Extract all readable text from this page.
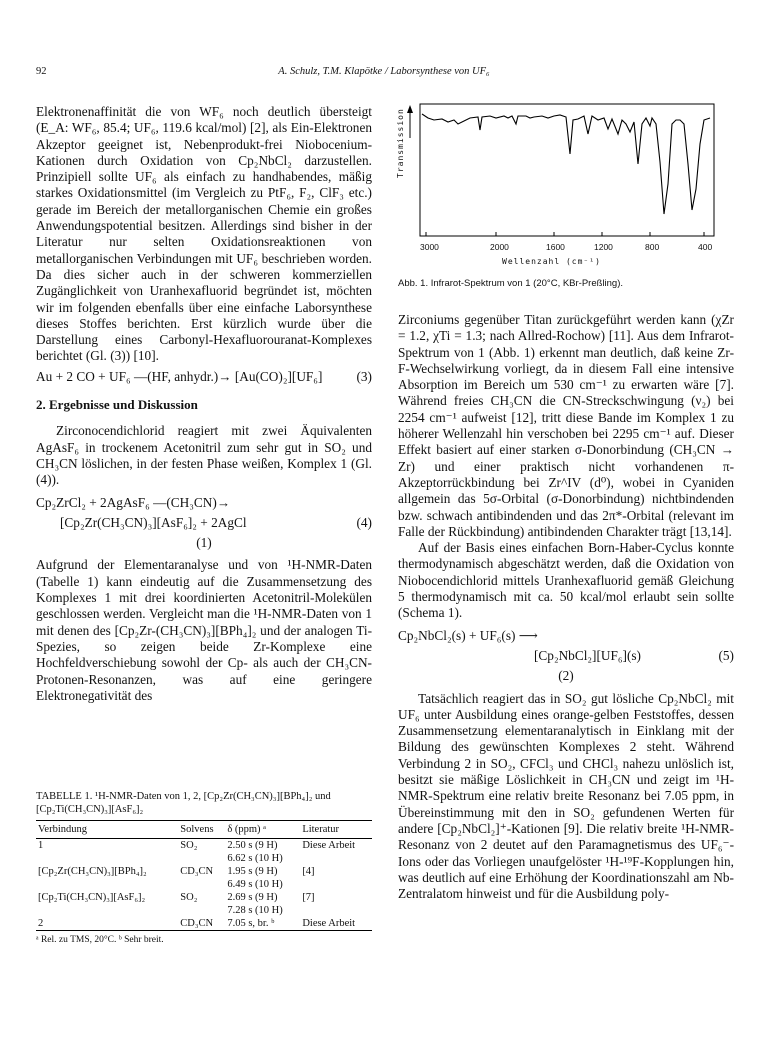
92	A. Schulz, T.M. Klapötke / Laborsynthese von UF₆

Elektronenaffinität die von WF₆ noch deutlich übersteigt (E_A: WF₆, 85.4; UF₆, 119.6 kcal/mol) [2], als Ein-Elektronen Akzeptor geeignet ist, Nebenprodukt-frei Niobocenium-Kationen durch Oxidation von Cp₂NbCl₂ darzustellen. Prinzipiell sollte UF₆ als einfach zu handhabendes, mäßig starkes Oxidationsmittel (im Vergleich zu PtF₆, F₂, ClF₃ etc.) gerade im Bereich der metallorganischen Chemie ein großes Anwendungspotential besitzen. Allerdings sind bisher in der Literatur nur selten Oxidationsreaktionen von metallorganischen Verbindungen mit UF₆ beschrieben worden. Da dies sicher auch in der schweren kommerziellen Zugänglichkeit von Uranhexafluorid begründet ist, möchten wir im folgenden ebenfalls über eine einfache Laborsynthese dieses Stoffes berichten. Erst kürzlich wurde über die Darstellung eines Carbonyl-Hexafluorouranat-Komplexes berichtet (Gl. (3)) [10].

Au + 2 CO + UF₆ —(HF, anhydr.)→ [Au(CO)₂][UF₆]	(3)
2. Ergebnisse und Diskussion

Zirconocendichlorid reagiert mit zwei Äquivalenten AgAsF₆ in trockenem Acetonitril zum sehr gut in SO₂ und CH₃CN löslichen, in der festen Phase weißen, Komplex 1 (Gl. (4)).

Cp₂ZrCl₂ + 2AgAsF₆ —(CH₃CN)→
[Cp₂Zr(CH₃CN)₃][AsF₆]₂ + 2AgCl	(4)
(1)

Aufgrund der Elementaranalyse und von ¹H-NMR-Daten (Tabelle 1) kann eindeutig auf die Zusammensetzung des Komplexes 1 mit drei koordinierten Acetonitril-Molekülen geschlossen werden. Vergleicht man die ¹H-NMR-Daten von 1 mit denen des [Cp₂Zr-(CH₃CN)₃][BPh₄]₂ und der analogen Ti-Spezies, so zeigen beide Zr-Komplexe eine Hochfeldverschiebung sowohl der Cp- als auch der CH₃CN-Protonen-Resonanzen, was auf eine geringere Elektronegativität des

TABELLE 1. ¹H-NMR-Daten von 1, 2, [Cp₂Zr(CH₃CN)₃][BPh₄]₂ und [Cp₂Ti(CH₃CN)₃][AsF₆]₂
Verbindung	Solvens	δ (ppm) ᵃ	Literatur
1	SO₂	2.50 s (9 H)	Diese Arbeit
		6.62 s (10 H)	
[Cp₂Zr(CH₃CN)₃][BPh₄]₂	CD₃CN	1.95 s (9 H)	[4]
		6.49 s (10 H)	
[Cp₂Ti(CH₃CN)₃][AsF₆]₂	SO₂	2.69 s (9 H)	[7]
		7.28 s (10 H)	
2	CD₃CN	7.05 s, br. ᵇ	Diese Arbeit
ᵃ Rel. zu TMS, 20°C. ᵇ Sehr breit.
Transmission
3000	2000	1600	1200	800	400
Wellenzahl (cm⁻¹)
Abb. 1. Infrarot-Spektrum von 1 (20°C, KBr-Preßling).

Zirconiums gegenüber Titan zurückgeführt werden kann (χZr = 1.2, χTi = 1.3; nach Allred-Rochow) [11]. Aus dem Infrarot-Spektrum von 1 (Abb. 1) erkennt man deutlich, daß keine Zr-F-Wechselwirkung vorliegt, da in diesem Fall eine intensive Absorption im Bereich um 530 cm⁻¹ zu erwarten wäre [7]. Während freies CH₃CN die CN-Streckschwingung (ν₂) bei 2254 cm⁻¹ aufweist [12], tritt diese Bande im Komplex 1 zu höherer Wellenzahl hin verschoben bei 2295 cm⁻¹ auf. Dieser Effekt basiert auf einer starken σ-Donorbindung (CH₃CN → Zr) und einer praktisch nicht vorhandenen π-Akzeptorrückbindung bei Zr^IV (d⁰), wobei in Cyaniden allgemein das 5σ-Orbital (σ-Donorbindung) nichtbindenden bzw. schwach antibindenden und das 2π*-Orbital (relevant im Falle der Rückbindung) antibindenden Charakter trägt [13,14].

Auf der Basis eines einfachen Born-Haber-Cyclus konnte thermodynamisch abgeschätzt werden, daß die Oxidation von Niobocendichlorid mittels Uranhexafluorid gemäß Gleichung 5 thermodynamisch mit ca. 50 kcal/mol erlaubt sein sollte (Schema 1).

Cp₂NbCl₂(s) + UF₆(s) ⟶
[Cp₂NbCl₂][UF₆](s)	(5)
(2)

Tatsächlich reagiert das in SO₂ gut lösliche Cp₂NbCl₂ mit UF₆ unter Ausbildung eines orange-gelben Feststoffes, dessen Zusammensetzung elementaranalytisch in Einklang mit der Bildung des gewünschten Komplexes 2 steht. Während Verbindung 2 in SO₂, CFCl₃ und CHCl₃ nahezu unlöslich ist, besitzt sie mäßige Löslichkeit in CH₃CN und zeigt im ¹H-NMR-Spektrum eine relativ breite Resonanz bei 7.05 ppm, in Übereinstimmung mit den in SO₂ gefundenen Werten für andere [Cp₂NbCl₂]⁺-Kationen [9]. Die relativ breite ¹H-NMR-Resonanz von 2 deutet auf den Paramagnetismus des UF₆⁻-Ions oder das Vorliegen unaufgelöster ¹H-¹⁹F-Kopplungen hin, was deutlich auf eine Erhöhung der Koordinationszahl am Nb-Zentralatom hinweist und für die Ausbildung poly-
